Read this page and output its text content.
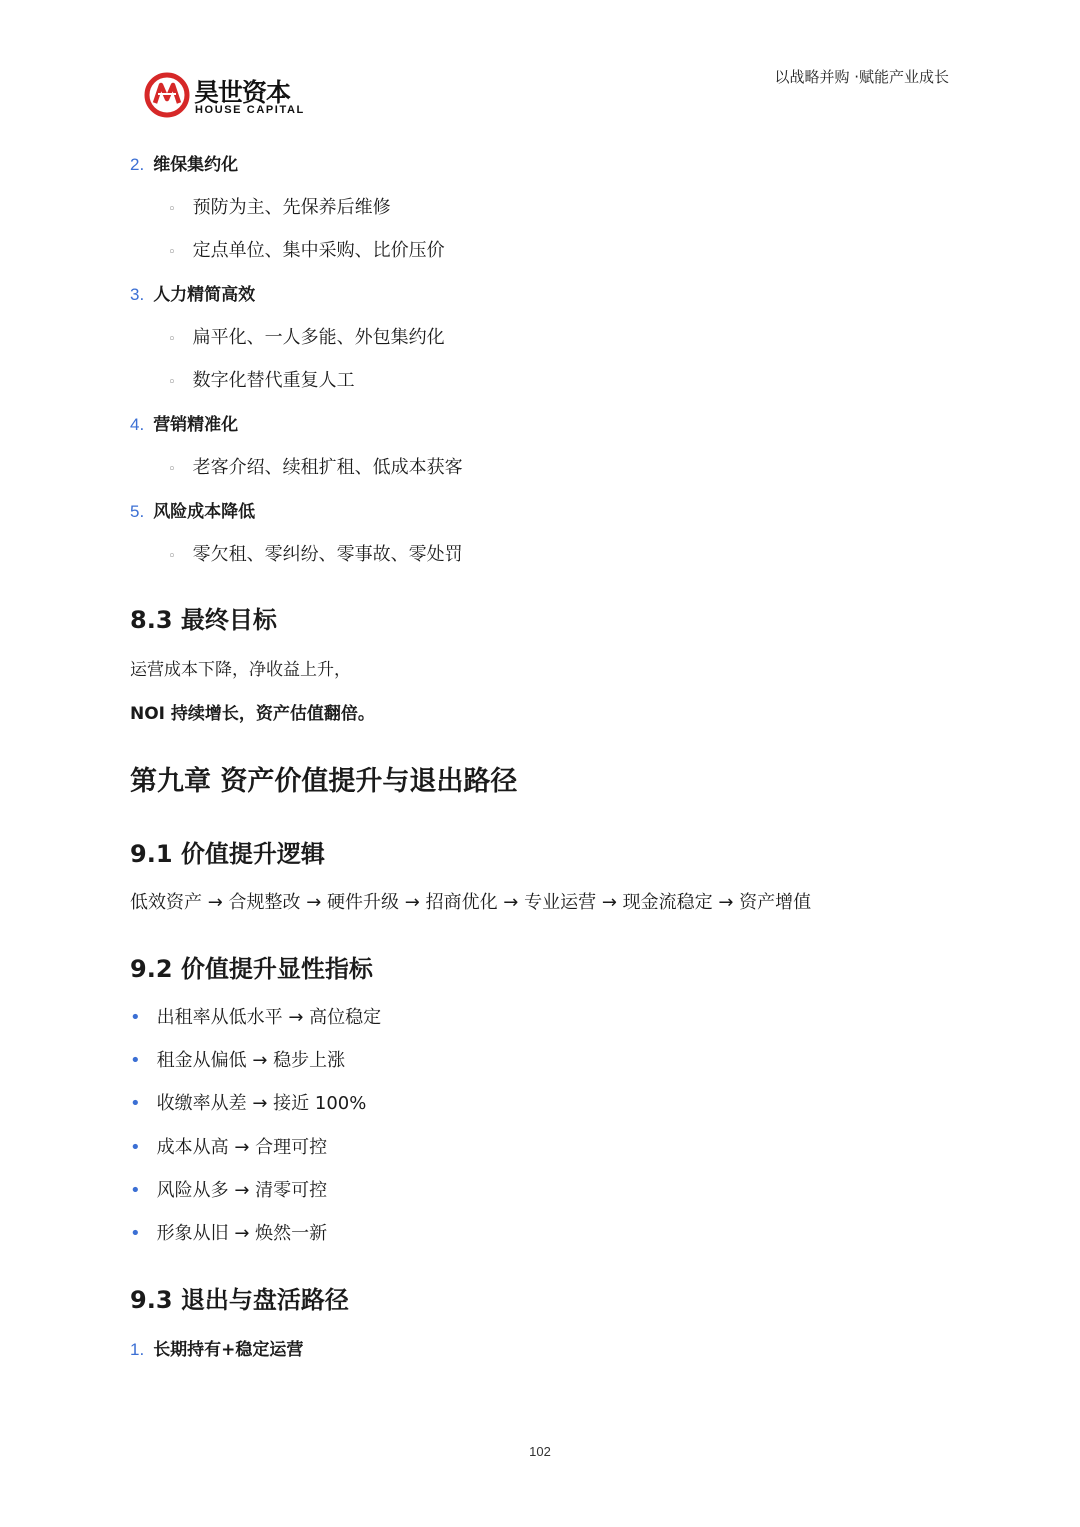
昊世资本
HOUSE CAPITAL
以战略并购 ·赋能产业成长
2. 维保集约化
◦ 预防为主、先保养后维修
◦ 定点单位、集中采购、比价压价
3. 人力精简高效
◦ 扁平化、一人多能、外包集约化
◦ 数字化替代重复人工
4. 营销精准化
◦ 老客介绍、续租扩租、低成本获客
5. 风险成本降低
◦ 零欠租、零纠纷、零事故、零处罚
8.3 最终目标
运营成本下降，净收益上升，
NOI 持续增长，资产估值翻倍。
第九章 资产价值提升与退出路径
9.1 价值提升逻辑
低效资产 → 合规整改 → 硬件升级 → 招商优化 → 专业运营 → 现金流稳定 → 资产增值
9.2 价值提升显性指标
• 出租率从低水平 → 高位稳定
• 租金从偏低 → 稳步上涨
• 收缴率从差 → 接近 100%
• 成本从高 → 合理可控
• 风险从多 → 清零可控
• 形象从旧 → 焕然一新
9.3 退出与盘活路径
1. 长期持有+稳定运营
102
